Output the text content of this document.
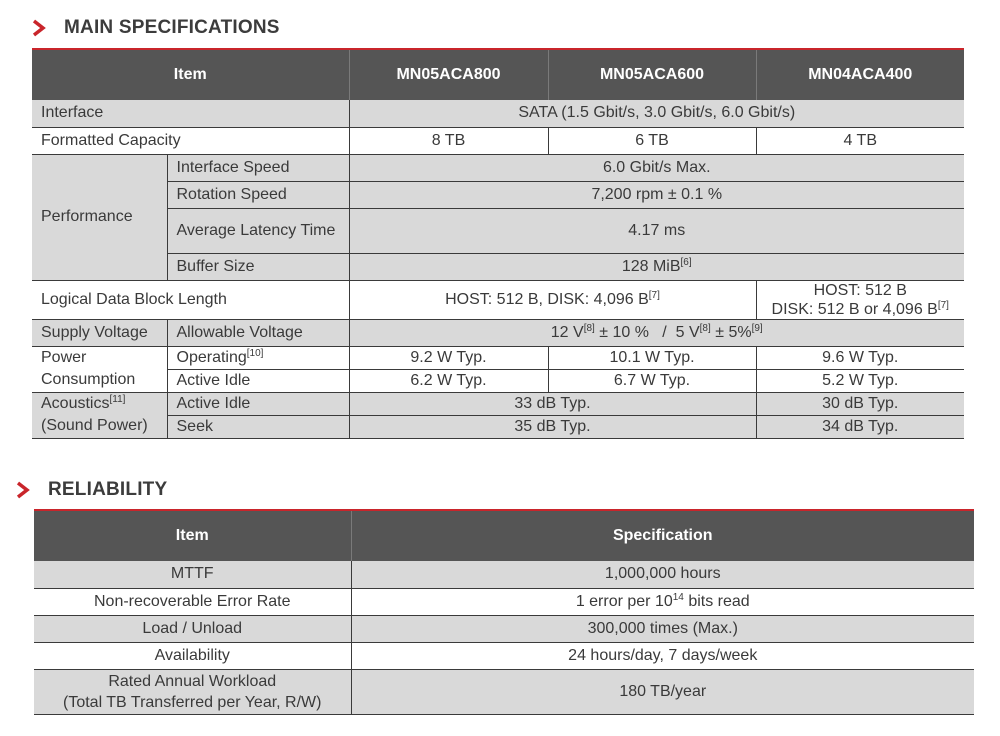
MAIN SPECIFICATIONS
Item		MN05ACA800	MN05ACA600	MN04ACA400
Interface		SATA (1.5 Gbit/s, 3.0 Gbit/s, 6.0 Gbit/s)		
Formatted Capacity		8 TB	6 TB	4 TB
Performance	Interface Speed	6.0 Gbit/s Max.		
	Rotation Speed	7,200 rpm ± 0.1 %		
	Average Latency Time	4.17 ms		
	Buffer Size	128 MiB[6]
Logical Data Block Length		HOST: 512 B, DISK: 4,096 B[7]		HOST: 512 B
DISK: 512 B or 4,096 B[7]
Supply Voltage	Allowable Voltage	12 V[8] ± 10 %   /  5 V[8] ± 5%[9]
Power
Consumption	Operating[10]	9.2 W Typ.	10.1 W Typ.	9.6 W Typ.
	Active Idle	6.2 W Typ.	6.7 W Typ.	5.2 W Typ.
Acoustics[11]
(Sound Power)	Active Idle	33 dB Typ.		30 dB Typ.
	Seek	35 dB Typ.		34 dB Typ.
RELIABILITY
Item	Specification
MTTF	1,000,000 hours
Non-recoverable Error Rate	1 error per $10^{14}$ bits read
Load / Unload	300,000 times (Max.)
Availability	24 hours/day, 7 days/week
Rated Annual Workload
(Total TB Transferred per Year, R/W)	180 TB/year
